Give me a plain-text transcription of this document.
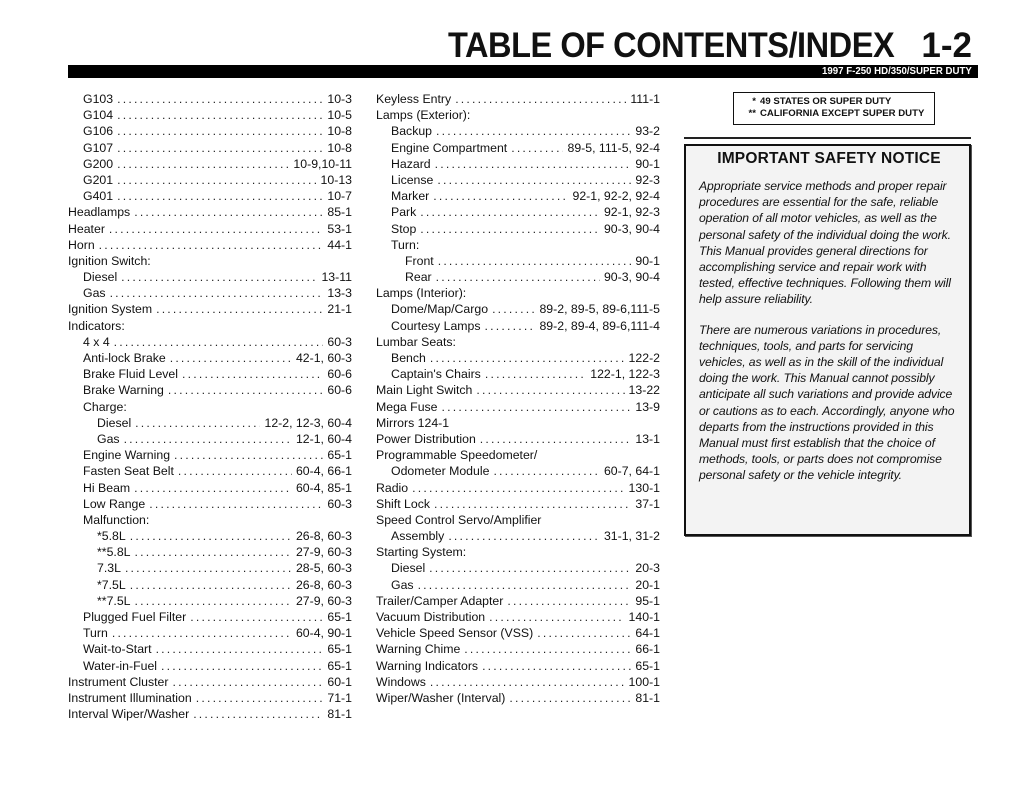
TABLE OF CONTENTS/INDEX 1-2
1997 F-250 HD/350/SUPER DUTY
G103 .....	10-3
G104 .....	10-5
G106 .....	10-8
G107 .....	10-8
G200 .....	10-9,10-11
G201 .....	10-13
G401 .....	10-7
Headlamps .....	85-1
Heater .....	53-1
Horn .....	44-1
Ignition Switch:
Diesel .....	13-11
Gas .....	13-3
Ignition System .....	21-1
Indicators:
4 x 4 .....	60-3
Anti-lock Brake .....	42-1, 60-3
Brake Fluid Level .....	60-6
Brake Warning .....	60-6
Charge:
Diesel .....	12-2, 12-3, 60-4
Gas .....	12-1, 60-4
Engine Warning .....	65-1
Fasten Seat Belt .....	60-4, 66-1
Hi Beam .....	60-4, 85-1
Low Range .....	60-3
Malfunction:
*5.8L .....	26-8, 60-3
**5.8L .....	27-9, 60-3
7.3L .....	28-5, 60-3
*7.5L .....	26-8, 60-3
**7.5L .....	27-9, 60-3
Plugged Fuel Filter .....	65-1
Turn .....	60-4, 90-1
Wait-to-Start .....	65-1
Water-in-Fuel .....	65-1
Instrument Cluster .....	60-1
Instrument Illumination .....	71-1
Interval Wiper/Washer .....	81-1
Keyless Entry .....	111-1
Lamps (Exterior):
Backup .....	93-2
Engine Compartment .....	89-5, 111-5, 92-4
Hazard .....	90-1
License .....	92-3
Marker .....	92-1, 92-2, 92-4
Park .....	92-1, 92-3
Stop .....	90-3, 90-4
Turn:
Front .....	90-1
Rear .....	90-3, 90-4
Lamps (Interior):
Dome/Map/Cargo .....	89-2, 89-5, 89-6,111-5
Courtesy Lamps .....	89-2, 89-4, 89-6,111-4
Lumbar Seats:
Bench .....	122-2
Captain's Chairs .....	122-1, 122-3
Main Light Switch .....	13-22
Mega Fuse .....	13-9
Mirrors 124-1
Power Distribution .....	13-1
Programmable Speedometer/
Odometer Module .....	60-7, 64-1
Radio .....	130-1
Shift Lock .....	37-1
Speed Control Servo/Amplifier
Assembly .....	31-1, 31-2
Starting System:
Diesel .....	20-3
Gas .....	20-1
Trailer/Camper Adapter .....	95-1
Vacuum Distribution .....	140-1
Vehicle Speed Sensor (VSS) .....	64-1
Warning Chime .....	66-1
Warning Indicators .....	65-1
Windows .....	100-1
Wiper/Washer (Interval) .....	81-1
* 49 STATES OR SUPER DUTY
** CALIFORNIA EXCEPT SUPER DUTY
IMPORTANT SAFETY NOTICE

Appropriate service methods and proper repair procedures are essential for the safe, reliable operation of all motor vehicles, as well as the personal safety of the individual doing the work. This Manual provides general directions for accomplishing service and repair work with tested, effective techniques. Following them will help assure reliability.

There are numerous variations in procedures, techniques, tools, and parts for servicing vehicles, as well as in the skill of the individual doing the work. This Manual cannot possibly anticipate all such variations and provide advice or cautions as to each. Accordingly, anyone who departs from the instructions provided in this Manual must first establish that the choice of methods, tools, or parts does not compromise personal safety or the vehicle integrity.
